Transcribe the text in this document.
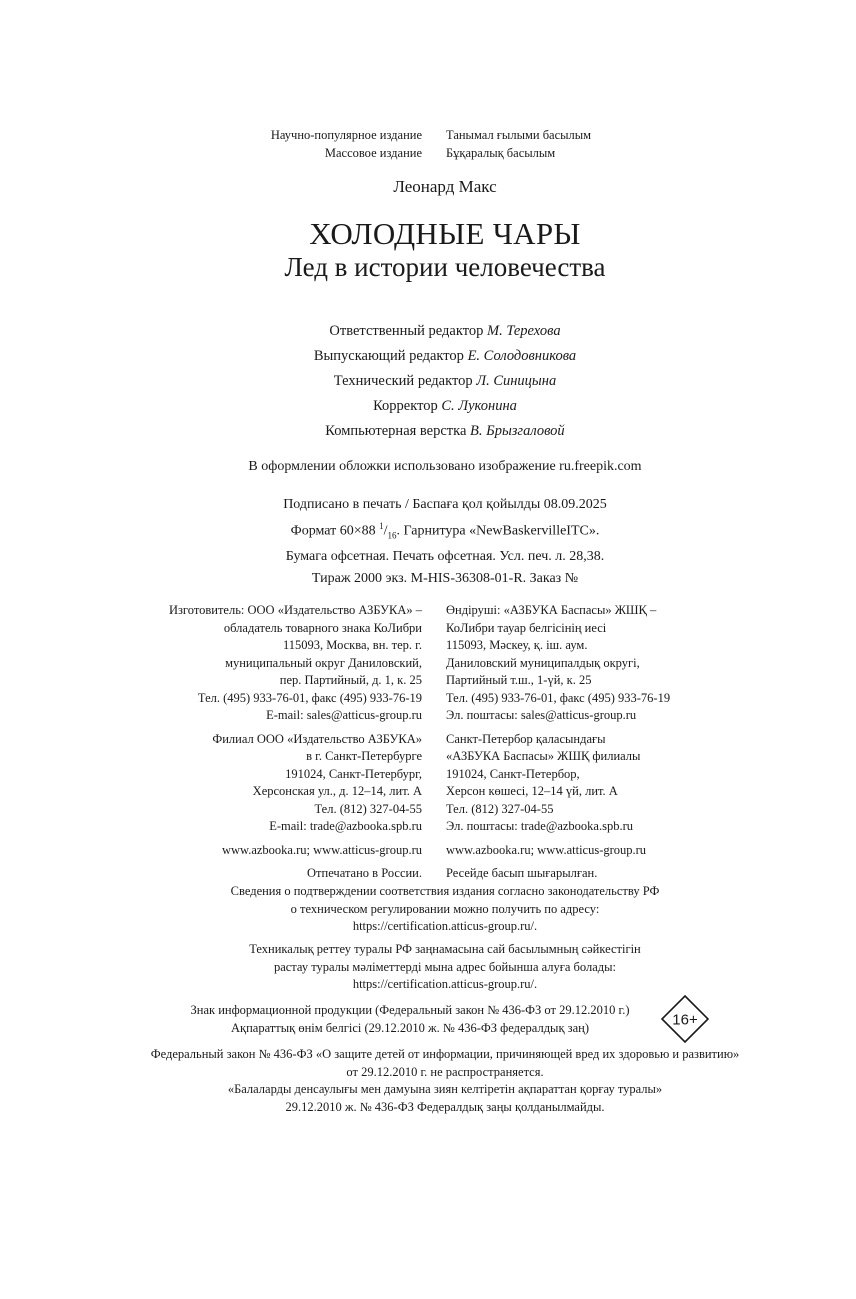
Научно-популярное издание
Массовое издание
Танымал ғылыми басылым
Бұқаралық басылым
Леонард Макс
ХОЛОДНЫЕ ЧАРЫ
Лед в истории человечества
Ответственный редактор М. Терехова
Выпускающий редактор Е. Солодовникова
Технический редактор Л. Синицына
Корректор С. Луконина
Компьютерная верстка В. Брызгаловой
В оформлении обложки использовано изображение ru.freepik.com
Подписано в печать / Баспаға қол қойылды 08.09.2025
Формат 60×88 $^1/_{16}$. Гарнитура «NewBaskervilleITC».
Бумага офсетная. Печать офсетная. Усл. печ. л. 28,38.
Тираж 2000 экз. M-HIS-36308-01-R. Заказ №
Изготовитель: ООО «Издательство АЗБУКА» –
обладатель товарного знака КоЛибри
115093, Москва, вн. тер. г.
муниципальный округ Даниловский,
пер. Партийный, д. 1, к. 25
Тел. (495) 933-76-01, факс (495) 933-76-19
E-mail: sales@atticus-group.ru
Филиал ООО «Издательство АЗБУКА»
в г. Санкт-Петербурге
191024, Санкт-Петербург,
Херсонская ул., д. 12–14, лит. А
Тел. (812) 327-04-55
E-mail: trade@azbooka.spb.ru
www.azbooka.ru; www.atticus-group.ru
Отпечатано в России.
Өндіруші: «АЗБУКА Баспасы» ЖШҚ –
КоЛибри тауар белгісінің иесі
115093, Мәскеу, қ. іш. аум.
Даниловский муниципалдық округі,
Партийный т.ш., 1-үй, к. 25
Тел. (495) 933-76-01, факс (495) 933-76-19
Эл. поштасы: sales@atticus-group.ru
Санкт-Петербор қаласындағы
«АЗБУКА Баспасы» ЖШҚ филиалы
191024, Санкт-Петербор,
Херсон көшесі, 12–14 үй, лит. А
Тел. (812) 327-04-55
Эл. поштасы: trade@azbooka.spb.ru
www.azbooka.ru; www.atticus-group.ru
Ресейде басып шығарылған.
Сведения о подтверждении соответствия издания согласно законодательству РФ
о техническом регулировании можно получить по адресу:
https://certification.atticus-group.ru/.
Техникалық реттеу туралы РФ заңнамасына сай басылымның сәйкестігін
растау туралы мәліметтерді мына адрес бойынша алуға болады:
https://certification.atticus-group.ru/.
Знак информационной продукции (Федеральный закон № 436-ФЗ от 29.12.2010 г.)
Ақпараттық өнім белгісі (29.12.2010 ж. № 436-ФЗ федералдық заң)	16+
Федеральный закон № 436-ФЗ «О защите детей от информации, причиняющей вред их здоровью и развитию»
от 29.12.2010 г. не распространяется.
«Балаларды денсаулығы мен дамуына зиян келтіретін ақпараттан қорғау туралы»
29.12.2010 ж. № 436-ФЗ Федералдық заңы қолданылмайды.
